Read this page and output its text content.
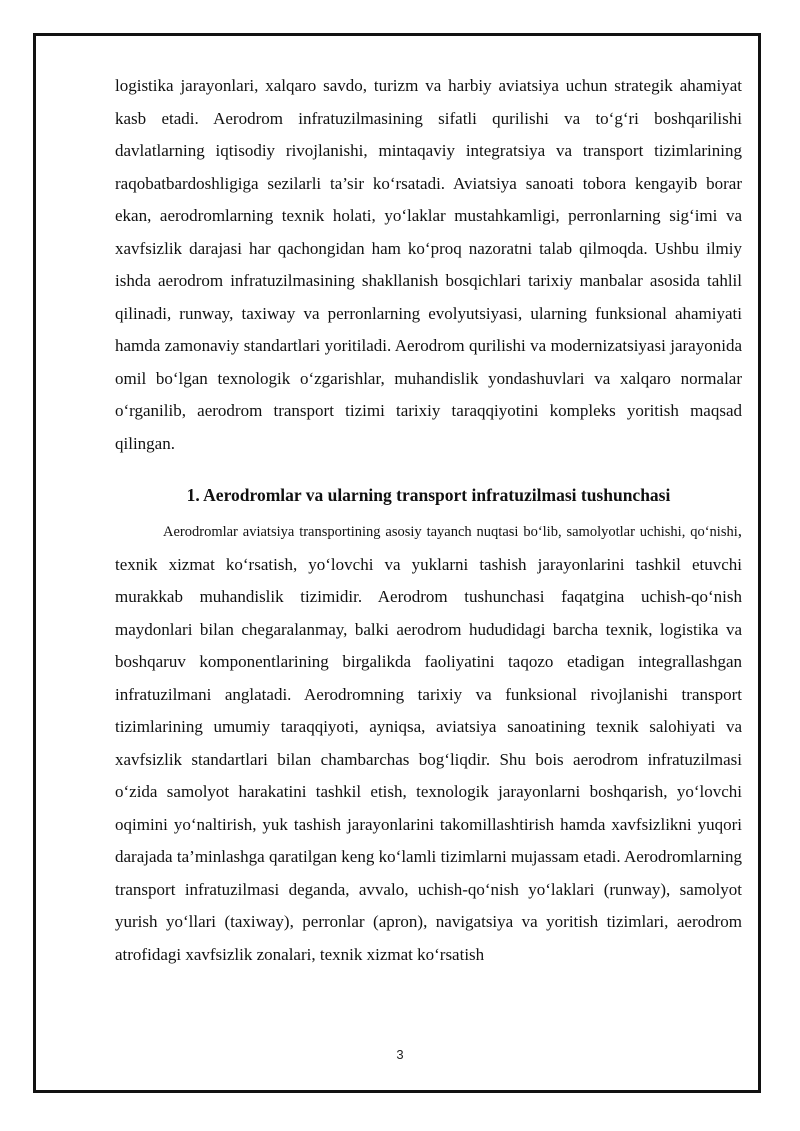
logistika jarayonlari, xalqaro savdo, turizm va harbiy aviatsiya uchun strategik ahamiyat kasb etadi. Aerodrom infratuzilmasining sifatli qurilishi va to‘g‘ri boshqarilishi davlatlarning iqtisodiy rivojlanishi, mintaqaviy integratsiya va transport tizimlarining raqobatbardoshligiga sezilarli ta’sir ko‘rsatadi. Aviatsiya sanoati tobora kengayib borar ekan, aerodromlarning texnik holati, yo‘laklar mustahkamligi, perronlarning sig‘imi va xavfsizlik darajasi har qachongidan ham ko‘proq nazoratni talab qilmoqda. Ushbu ilmiy ishda aerodrom infratuzilmasining shakllanish bosqichlari tarixiy manbalar asosida tahlil qilinadi, runway, taxiway va perronlarning evolyutsiyasi, ularning funksional ahamiyati hamda zamonaviy standartlari yoritiladi. Aerodrom qurilishi va modernizatsiyasi jarayonida omil bo‘lgan texnologik o‘zgarishlar, muhandislik yondashuvlari va xalqaro normalar o‘rganilib, aerodrom transport tizimi tarixiy taraqqiyotini kompleks yoritish maqsad qilingan.

1. Aerodromlar va ularning transport infratuzilmasi tushunchasi

Aerodromlar aviatsiya transportining asosiy tayanch nuqtasi bo‘lib, samolyotlar uchishi, qo‘nishi, texnik xizmat ko‘rsatish, yo‘lovchi va yuklarni tashish jarayonlarini tashkil etuvchi murakkab muhandislik tizimidir. Aerodrom tushunchasi faqatgina uchish-qo‘nish maydonlari bilan chegaralanmay, balki aerodrom hududidagi barcha texnik, logistika va boshqaruv komponentlarining birgalikda faoliyatini taqozo etadigan integrallashgan infratuzilmani anglatadi. Aerodromning tarixiy va funksional rivojlanishi transport tizimlarining umumiy taraqqiyoti, ayniqsa, aviatsiya sanoatining texnik salohiyati va xavfsizlik standartlari bilan chambarchas bog‘liqdir. Shu bois aerodrom infratuzilmasi o‘zida samolyot harakatini tashkil etish, texnologik jarayonlarni boshqarish, yo‘lovchi oqimini yo‘naltirish, yuk tashish jarayonlarini takomillashtirish hamda xavfsizlikni yuqori darajada ta’minlashga qaratilgan keng ko‘lamli tizimlarni mujassam etadi. Aerodromlarning transport infratuzilmasi deganda, avvalo, uchish-qo‘nish yo‘laklari (runway), samolyot yurish yo‘llari (taxiway), perronlar (apron), navigatsiya va yoritish tizimlari, aerodrom atrofidagi xavfsizlik zonalari, texnik xizmat ko‘rsatish

3
